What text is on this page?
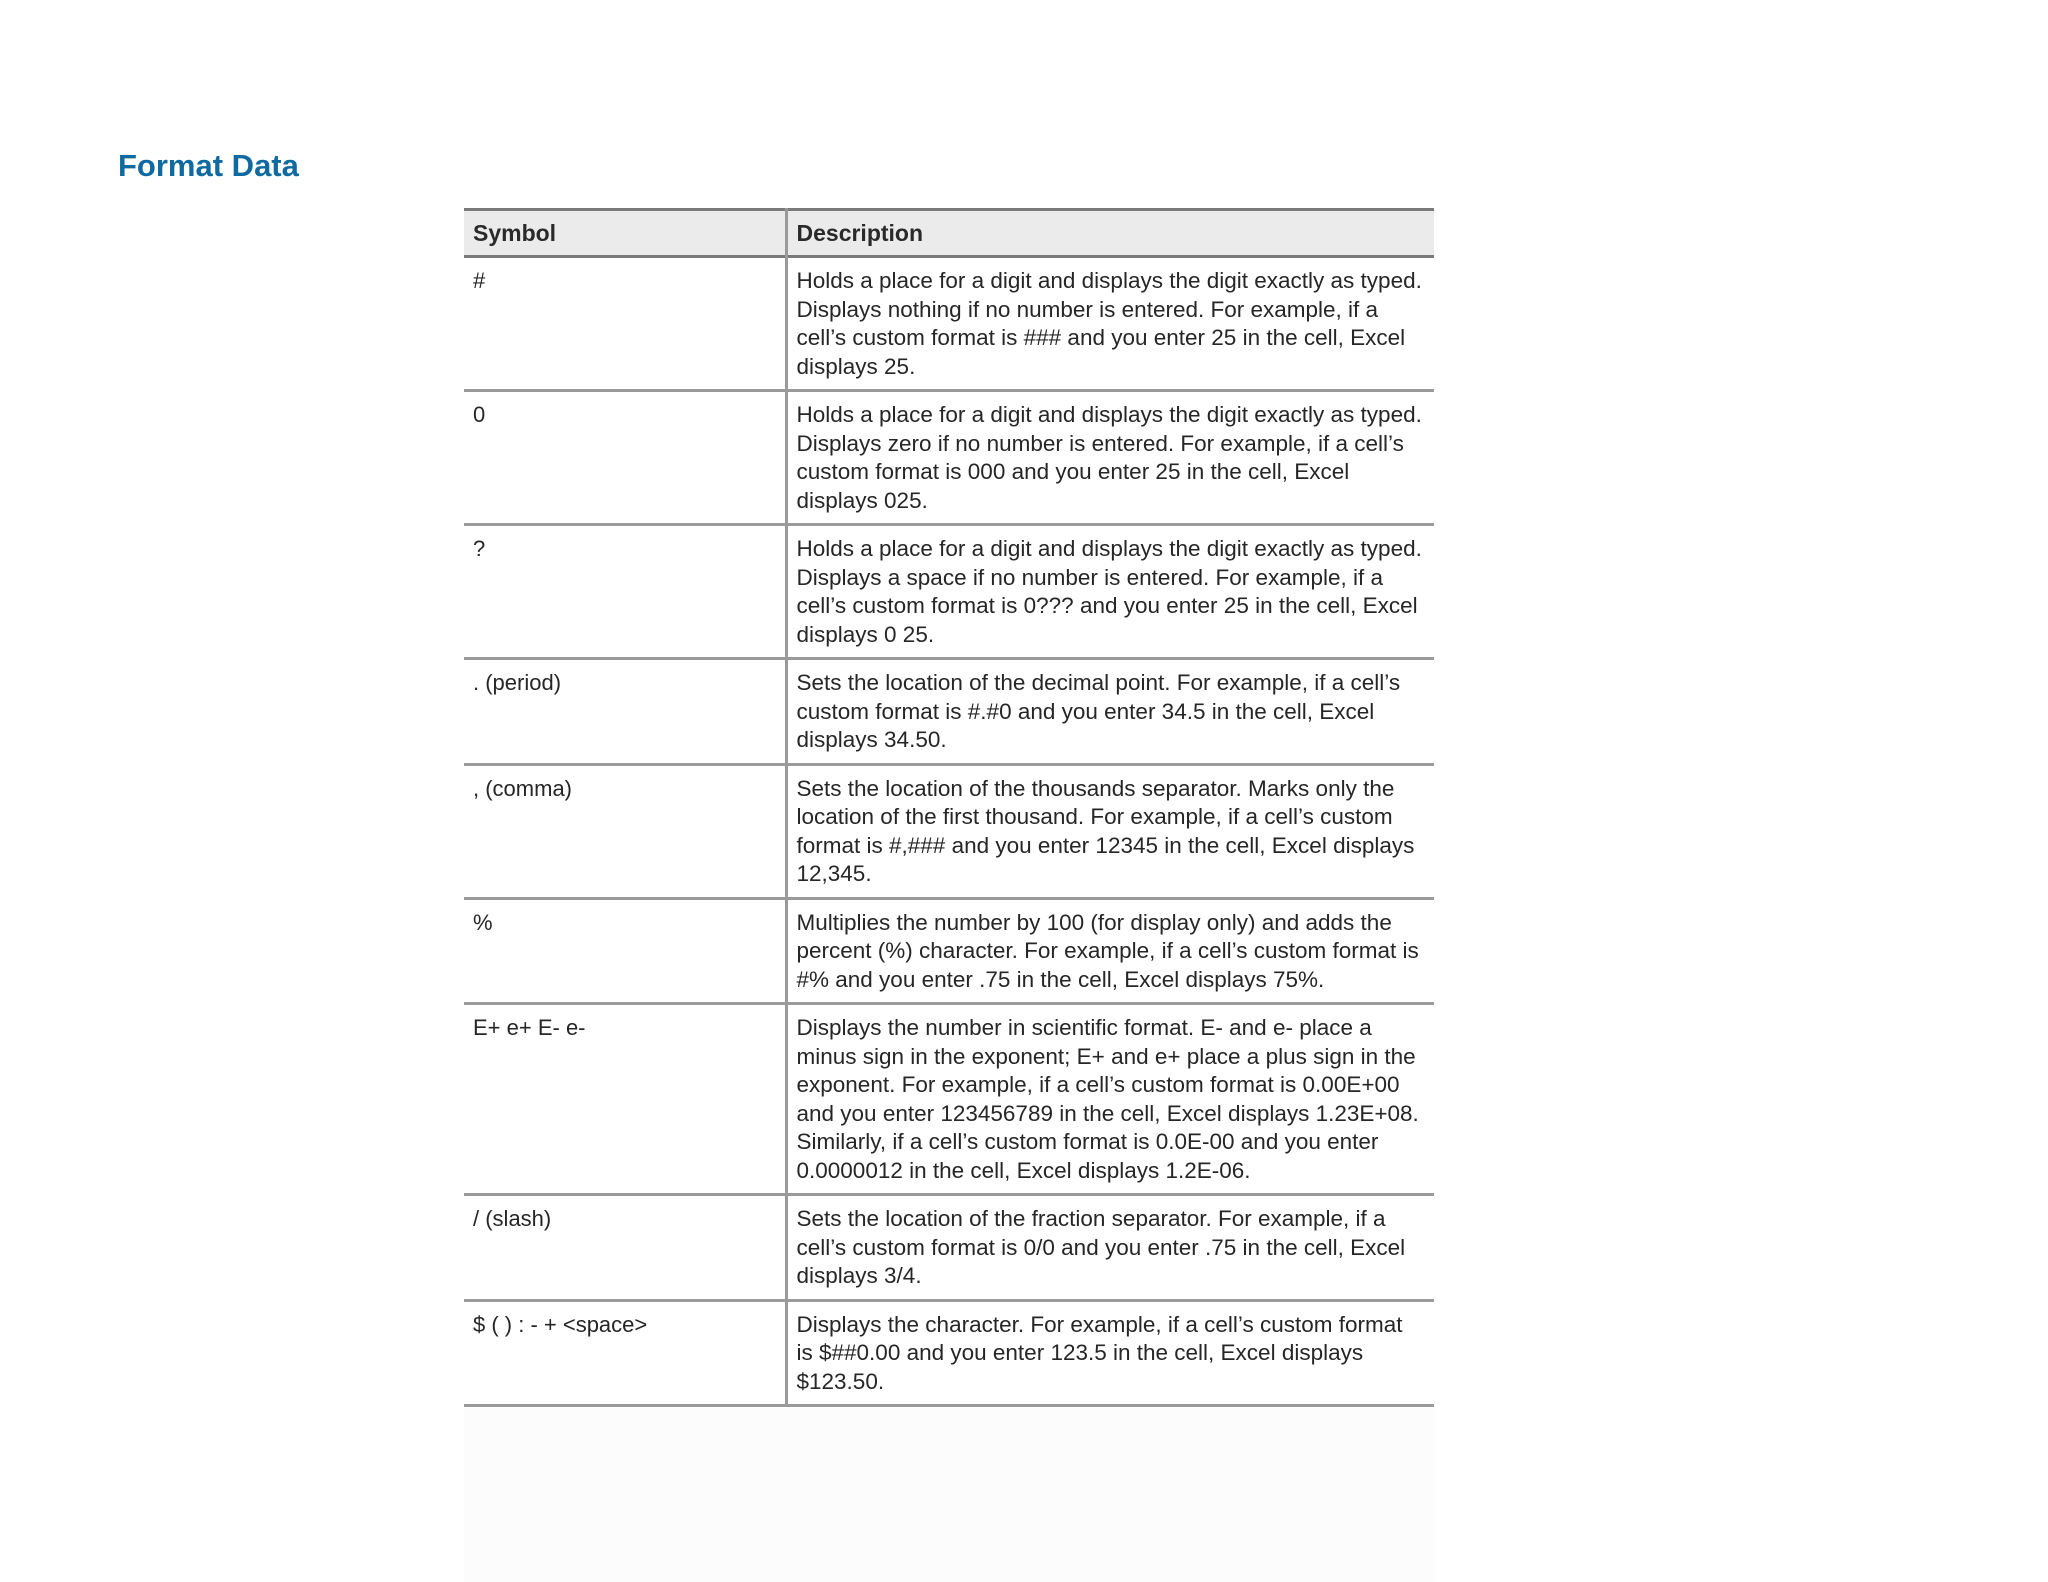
Format Data
Symbol	Description
#	Holds a place for a digit and displays the digit exactly as typed. Displays nothing if no number is entered. For example, if a cell’s custom format is ### and you enter 25 in the cell, Excel displays 25.
0	Holds a place for a digit and displays the digit exactly as typed. Displays zero if no number is entered. For example, if a cell’s custom format is 000 and you enter 25 in the cell, Excel displays 025.
?	Holds a place for a digit and displays the digit exactly as typed. Displays a space if no number is entered. For example, if a cell’s custom format is 0??? and you enter 25 in the cell, Excel displays 0 25.
. (period)	Sets the location of the decimal point. For example, if a cell’s custom format is #.#0 and you enter 34.5 in the cell, Excel displays 34.50.
, (comma)	Sets the location of the thousands separator. Marks only the location of the first thousand. For example, if a cell’s custom format is #,### and you enter 12345 in the cell, Excel displays 12,345.
%	Multiplies the number by 100 (for display only) and adds the percent (%) character. For example, if a cell’s custom format is #% and you enter .75 in the cell, Excel displays 75%.
E+ e+ E- e-	Displays the number in scientific format. E- and e- place a minus sign in the exponent; E+ and e+ place a plus sign in the exponent. For example, if a cell’s custom format is 0.00E+00 and you enter 123456789 in the cell, Excel displays 1.23E+08. Similarly, if a cell’s custom format is 0.0E-00 and you enter 0.0000012 in the cell, Excel displays 1.2E-06.
/ (slash)	Sets the location of the fraction separator. For example, if a cell’s custom format is 0/0 and you enter .75 in the cell, Excel displays 3/4.
$ ( ) : - + <space>	Displays the character. For example, if a cell’s custom format is $##0.00 and you enter 123.5 in the cell, Excel displays $123.50.
